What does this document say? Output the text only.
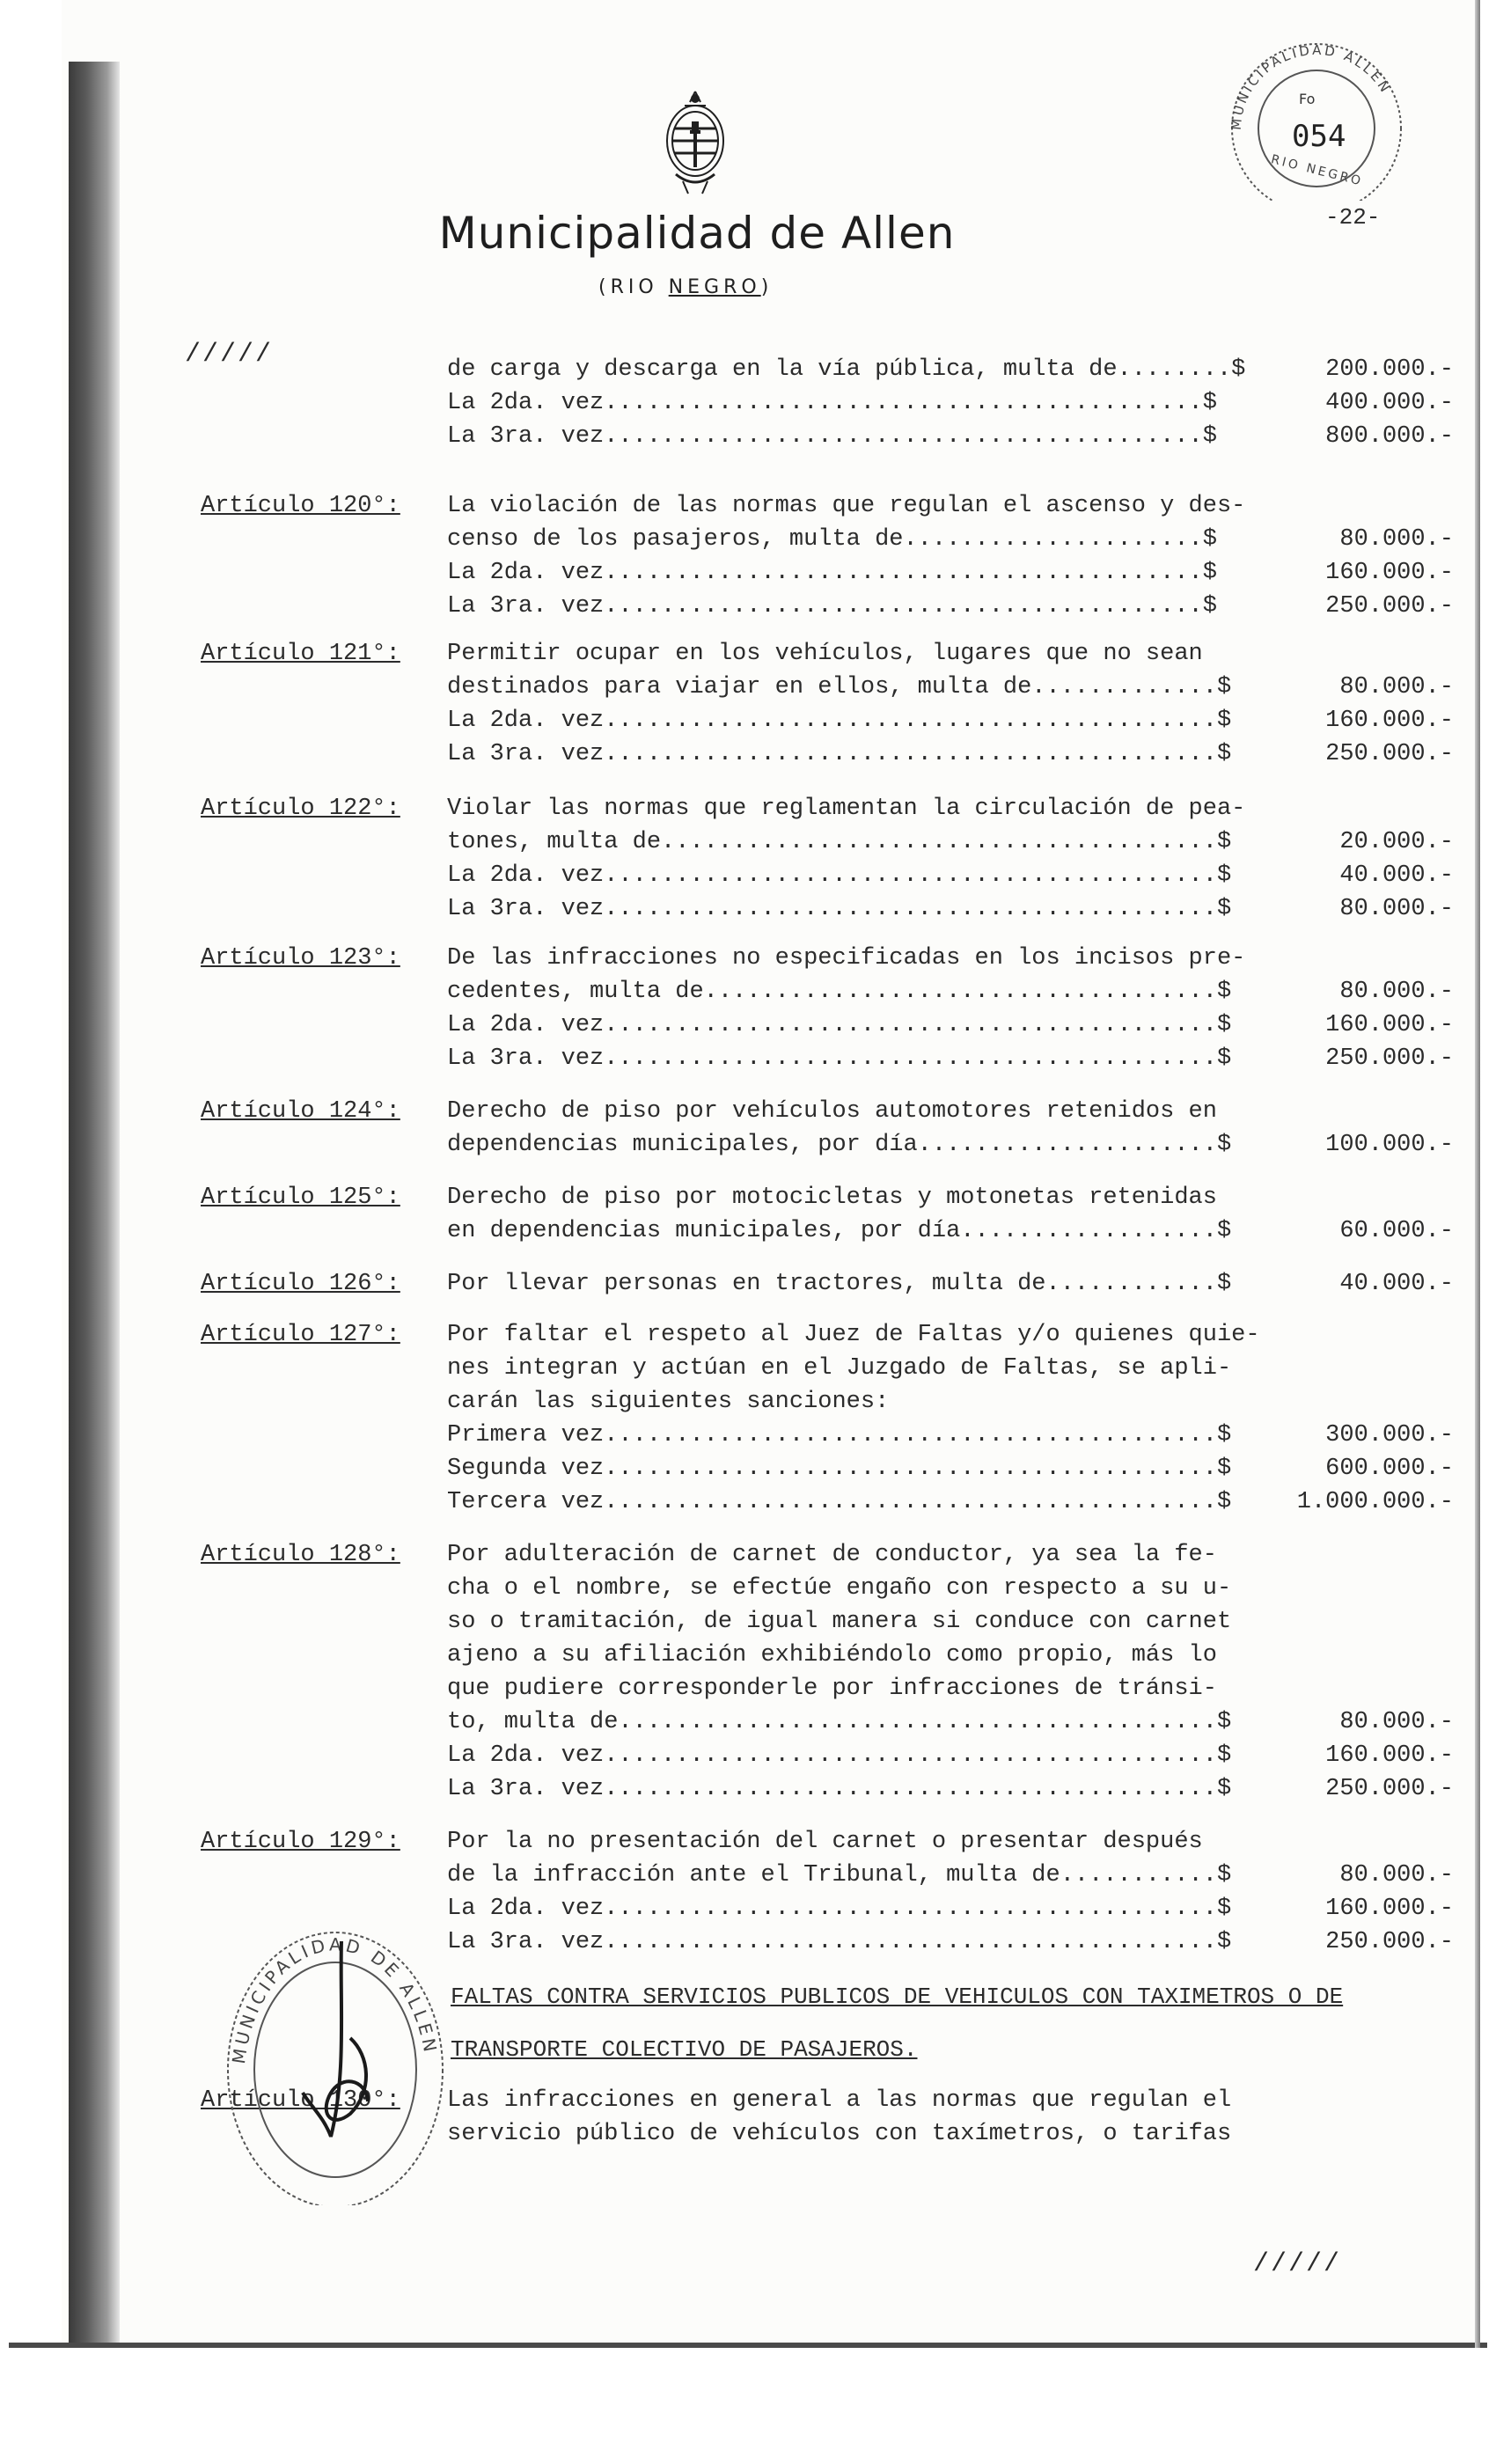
Municipalidad de Allen
(RIO NEGRO)
-22-
MUNICIPALIDAD ALLEN
Fo
054
RIO NEGRO
/////
/////
de carga y descarga en la vía pública, multa de........$	200.000.-
La 2da. vez..........................................$	400.000.-
La 3ra. vez..........................................$	800.000.-
Artículo 120°: La violación de las normas que regulan el ascenso y des-
censo de los pasajeros, multa de.....................$	80.000.-
La 2da. vez..........................................$	160.000.-
La 3ra. vez..........................................$	250.000.-
Artículo 121°: Permitir ocupar en los vehículos, lugares que no sean
destinados para viajar en ellos, multa de.............$	80.000.-
La 2da. vez...........................................$	160.000.-
La 3ra. vez...........................................$	250.000.-
Artículo 122°: Violar las normas que reglamentan la circulación de pea-
tones, multa de.......................................$	20.000.-
La 2da. vez...........................................$	40.000.-
La 3ra. vez...........................................$	80.000.-
Artículo 123°: De las infracciones no especificadas en los incisos pre-
cedentes, multa de....................................$	80.000.-
La 2da. vez...........................................$	160.000.-
La 3ra. vez...........................................$	250.000.-
Artículo 124°: Derecho de piso por vehículos automotores retenidos en
dependencias municipales, por día.....................$	100.000.-
Artículo 125°: Derecho de piso por motocicletas y motonetas retenidas
en dependencias municipales, por día..................$	60.000.-
Artículo 126°: Por llevar personas en tractores, multa de............$	40.000.-
Artículo 127°: Por faltar el respeto al Juez de Faltas y/o quienes quie-
nes integran y actúan en el Juzgado de Faltas, se apli-
carán las siguientes sanciones:
Primera vez...........................................$	300.000.-
Segunda vez...........................................$	600.000.-
Tercera vez...........................................$	1.000.000.-
Artículo 128°: Por adulteración de carnet de conductor, ya sea la fe-
cha o el nombre, se efectúe engaño con respecto a su u-
so o tramitación, de igual manera si conduce con carnet
ajeno a su afiliación exhibiéndolo como propio, más lo
que pudiere corresponderle por infracciones de tránsi-
to, multa de..........................................$	80.000.-
La 2da. vez...........................................$	160.000.-
La 3ra. vez...........................................$	250.000.-
Artículo 129°: Por la no presentación del carnet o presentar después
de la infracción ante el Tribunal, multa de...........$	80.000.-
La 2da. vez...........................................$	160.000.-
La 3ra. vez...........................................$	250.000.-
FALTAS CONTRA SERVICIOS PUBLICOS DE VEHICULOS CON TAXIMETROS O DE
TRANSPORTE COLECTIVO DE PASAJEROS.
Artículo 130°: Las infracciones en general a las normas que regulan el
servicio público de vehículos con taxímetros, o tarifas
MUNICIPALIDAD DE ALLEN
